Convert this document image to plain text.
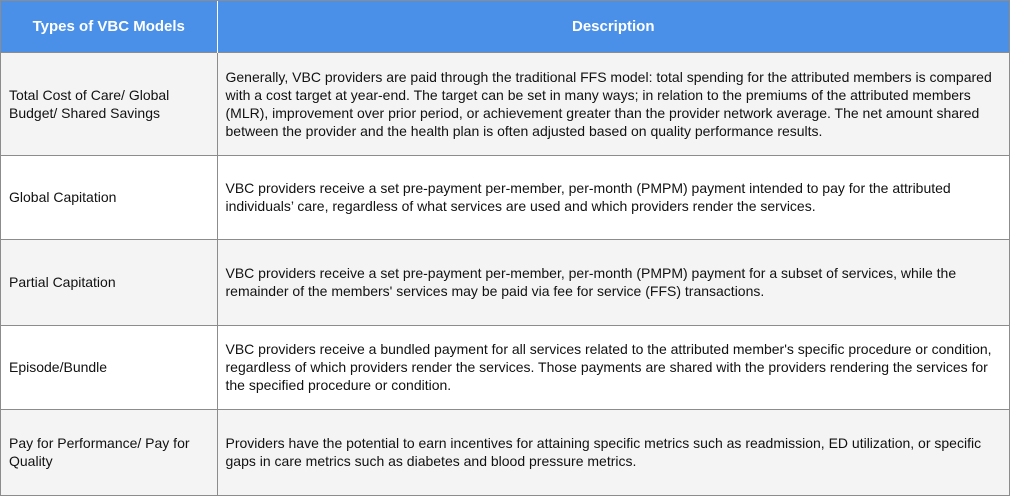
Types of VBC Models	Description
Total Cost of Care/ Global Budget/ Shared Savings	Generally, VBC providers are paid through the traditional FFS model: total spending for the attributed members is compared with a cost target at year-end. The target can be set in many ways; in relation to the premiums of the attributed members (MLR), improvement over prior period, or achievement greater than the provider network average. The net amount shared between the provider and the health plan is often adjusted based on quality performance results.
Global Capitation	VBC providers receive a set pre-payment per-member, per-month (PMPM) payment intended to pay for the attributed individuals’ care, regardless of what services are used and which providers render the services.
Partial Capitation	VBC providers receive a set pre-payment per-member, per-month (PMPM) payment for a subset of services, while the remainder of the members' services may be paid via fee for service (FFS) transactions.
Episode/Bundle	VBC providers receive a bundled payment for all services related to the attributed member's specific procedure or condition, regardless of which providers render the services. Those payments are shared with the providers rendering the services for the specified procedure or condition.
Pay for Performance/ Pay for Quality	Providers have the potential to earn incentives for attaining specific metrics such as readmission, ED utilization, or specific gaps in care metrics such as diabetes and blood pressure metrics.
